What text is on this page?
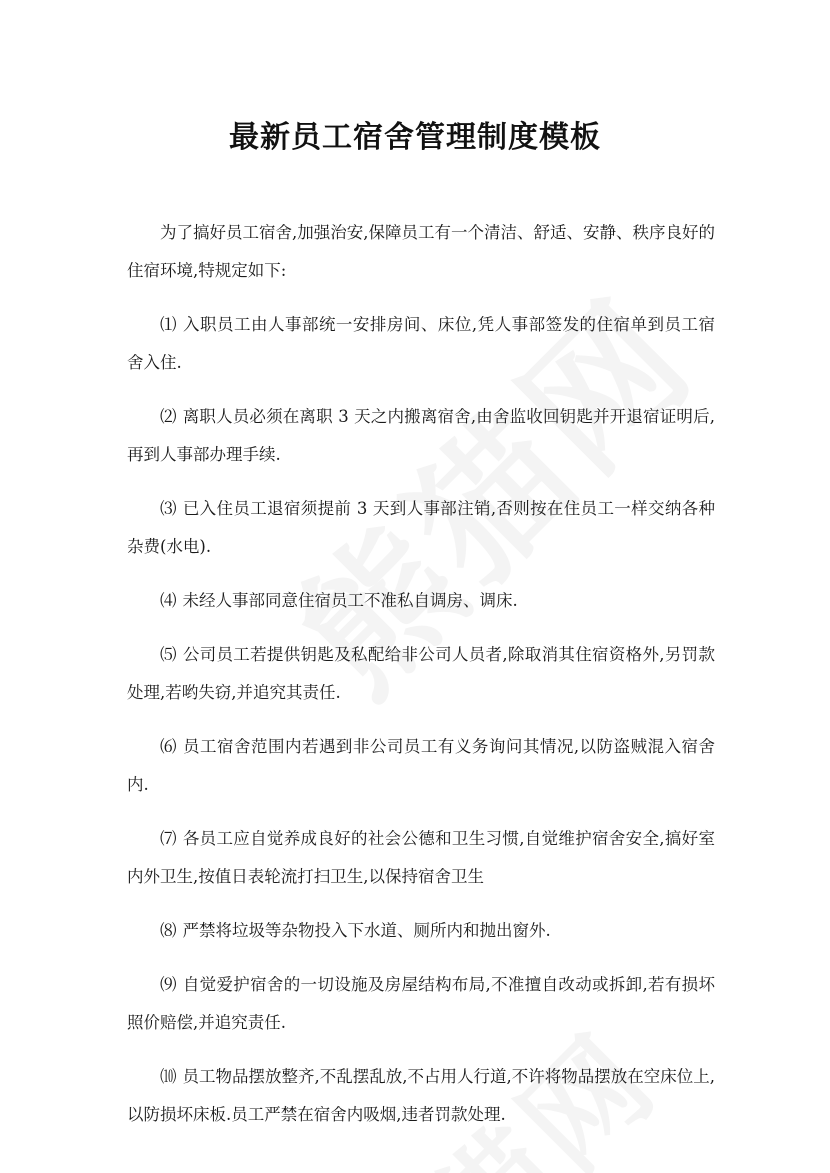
最新员工宿舍管理制度模板

为了搞好员工宿舍,加强治安,保障员工有一个清洁、舒适、安静、秩序良好的住宿环境,特规定如下:

⑴ 入职员工由人事部统一安排房间、床位,凭人事部签发的住宿单到员工宿舍入住.

⑵ 离职人员必须在离职 3 天之内搬离宿舍,由舍监收回钥匙并开退宿证明后,再到人事部办理手续.

⑶ 已入住员工退宿须提前 3 天到人事部注销,否则按在住员工一样交纳各种杂费(水电).

⑷ 未经人事部同意住宿员工不准私自调房、调床.

⑸ 公司员工若提供钥匙及私配给非公司人员者,除取消其住宿资格外,另罚款处理,若哟失窃,并追究其责任.

⑹ 员工宿舍范围内若遇到非公司员工有义务询问其情况,以防盗贼混入宿舍内.

⑺ 各员工应自觉养成良好的社会公德和卫生习惯,自觉维护宿舍安全,搞好室内外卫生,按值日表轮流打扫卫生,以保持宿舍卫生

⑻ 严禁将垃圾等杂物投入下水道、厕所内和抛出窗外.

⑼ 自觉爱护宿舍的一切设施及房屋结构布局,不准擅自改动或拆卸,若有损坏照价赔偿,并追究责任.

⑽ 员工物品摆放整齐,不乱摆乱放,不占用人行道,不许将物品摆放在空床位上,以防损坏床板.员工严禁在宿舍内吸烟,违者罚款处理.
